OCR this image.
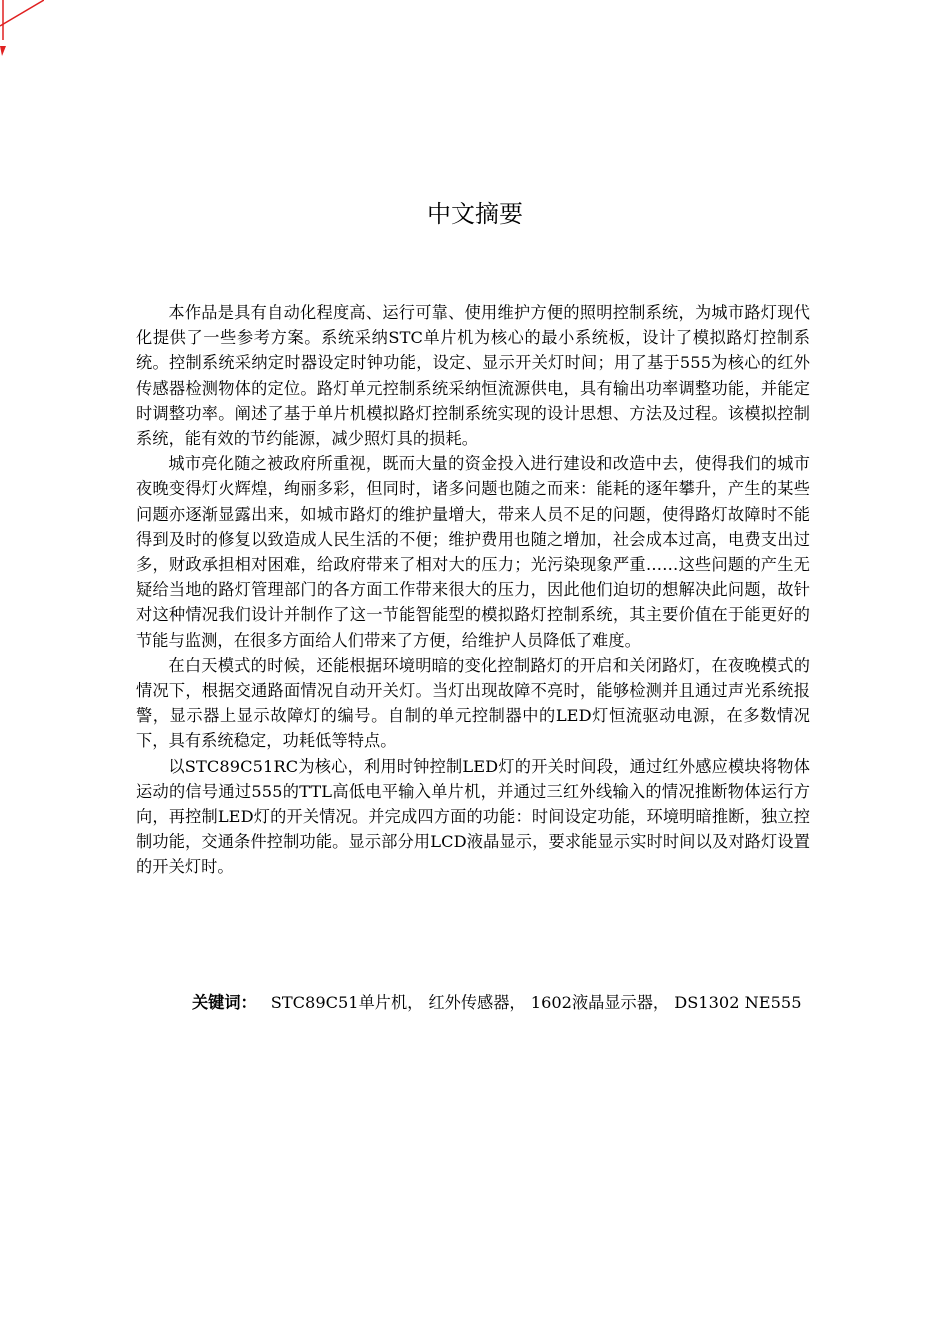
中文摘要

本作品是具有自动化程度高、运行可靠、使用维护方便的照明控制系统，为城市路灯现代化提供了一些参考方案。系统采纳STC单片机为核心的最小系统板，设计了模拟路灯控制系统。控制系统采纳定时器设定时钟功能，设定、显示开关灯时间；用了基于555为核心的红外传感器检测物体的定位。路灯单元控制系统采纳恒流源供电，具有输出功率调整功能，并能定时调整功率。阐述了基于单片机模拟路灯控制系统实现的设计思想、方法及过程。该模拟控制系统，能有效的节约能源，减少照灯具的损耗。

城市亮化随之被政府所重视，既而大量的资金投入进行建设和改造中去，使得我们的城市夜晚变得灯火辉煌，绚丽多彩，但同时，诸多问题也随之而来：能耗的逐年攀升，产生的某些问题亦逐渐显露出来，如城市路灯的维护量增大，带来人员不足的问题，使得路灯故障时不能得到及时的修复以致造成人民生活的不便；维护费用也随之增加，社会成本过高，电费支出过多，财政承担相对困难，给政府带来了相对大的压力；光污染现象严重……这些问题的产生无疑给当地的路灯管理部门的各方面工作带来很大的压力，因此他们迫切的想解决此问题，故针对这种情况我们设计并制作了这一节能智能型的模拟路灯控制系统，其主要价值在于能更好的节能与监测，在很多方面给人们带来了方便，给维护人员降低了难度。

在白天模式的时候，还能根据环境明暗的变化控制路灯的开启和关闭路灯，在夜晚模式的情况下，根据交通路面情况自动开关灯。当灯出现故障不亮时，能够检测并且通过声光系统报警，显示器上显示故障灯的编号。自制的单元控制器中的LED灯恒流驱动电源，在多数情况下，具有系统稳定，功耗低等特点。

以STC89C51RC为核心，利用时钟控制LED灯的开关时间段，通过红外感应模块将物体运动的信号通过555的TTL高低电平输入单片机，并通过三红外线输入的情况推断物体运行方向，再控制LED灯的开关情况。并完成四方面的功能：时间设定功能，环境明暗推断，独立控制功能，交通条件控制功能。显示部分用LCD液晶显示，要求能显示实时时间以及对路灯设置的开关灯时。

关键词： STC89C51单片机， 红外传感器， 1602液晶显示器， DS1302 NE555
